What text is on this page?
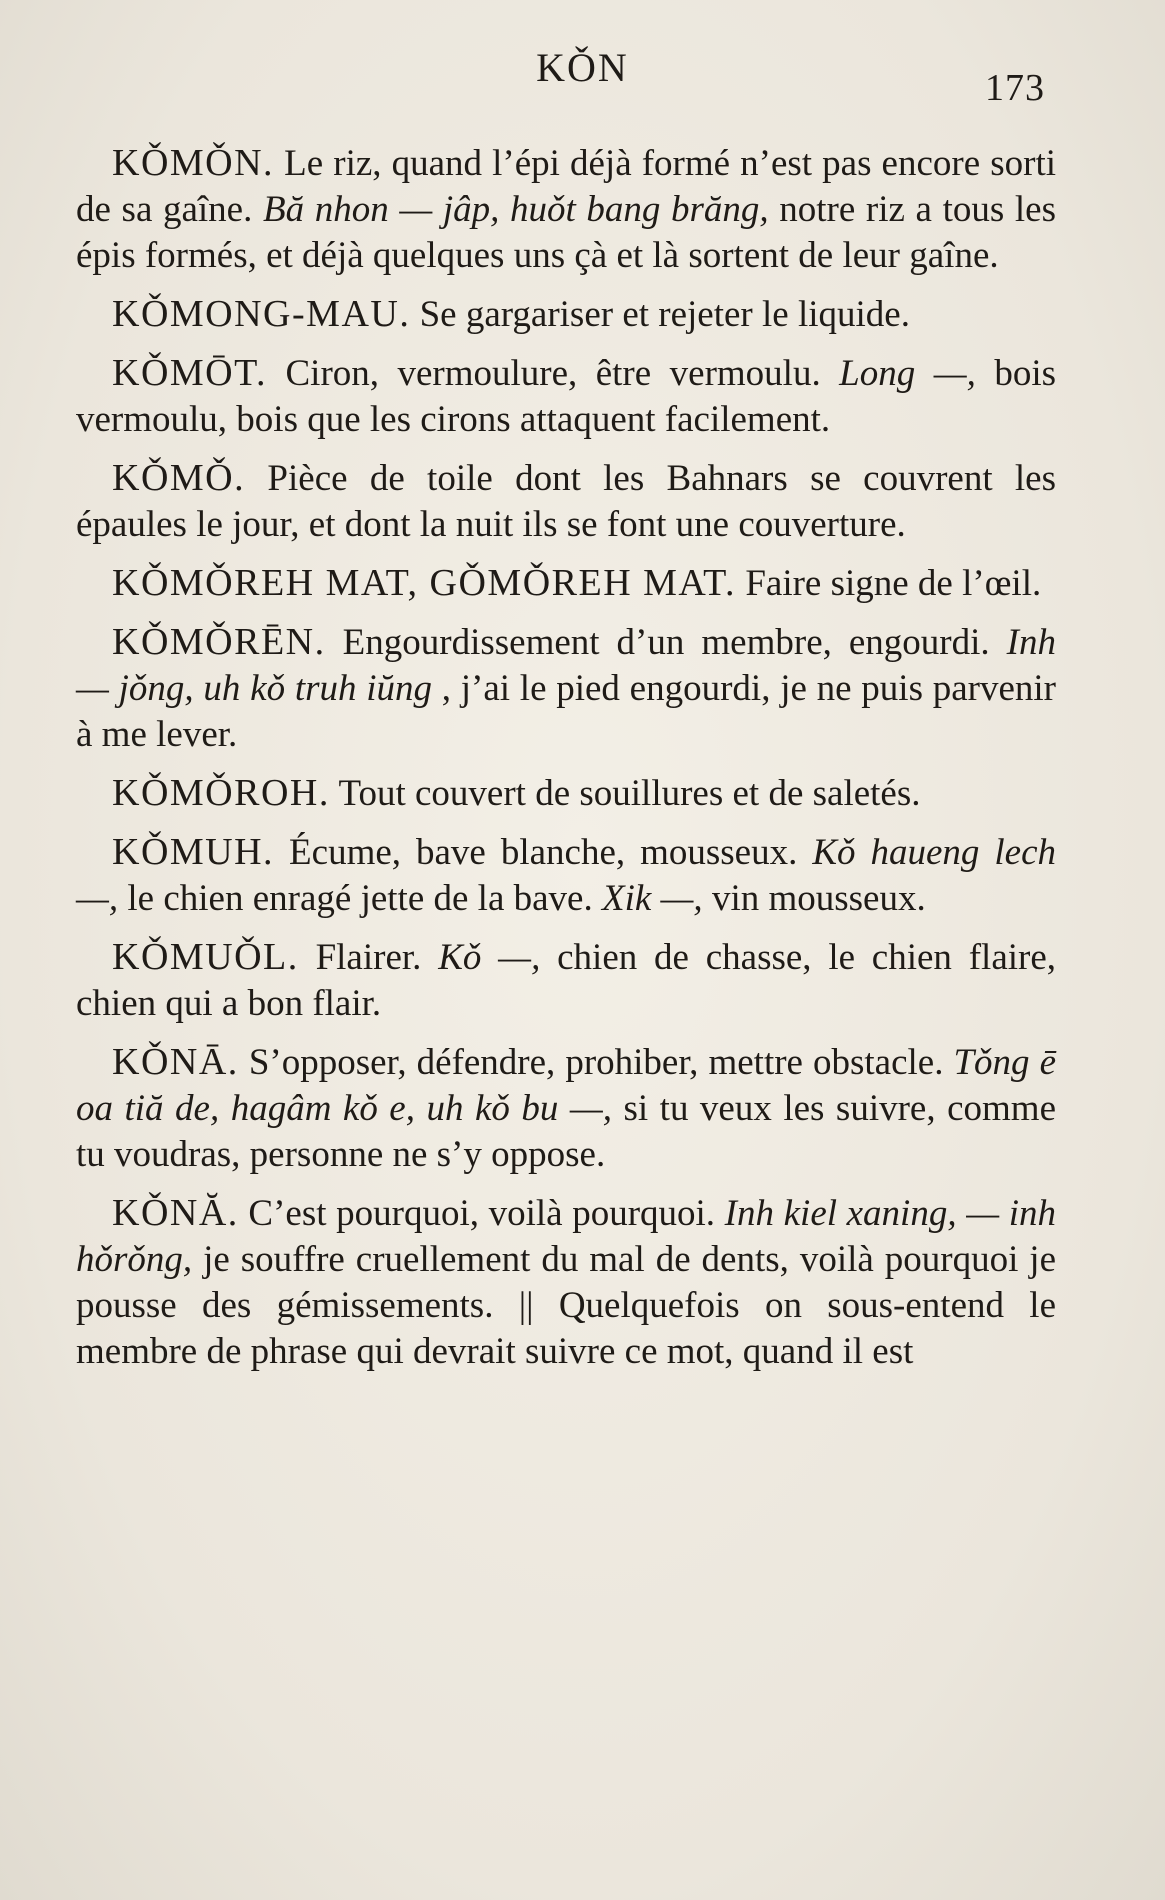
KǑN	173

KǑMǑN. Le riz, quand l’épi déjà formé n’est pas encore sorti de sa gaîne. Bă nhon — jâp, huǒt bang brăng, notre riz a tous les épis formés, et déjà quelques uns çà et là sortent de leur gaîne.

KǑMONG-MAU. Se gargariser et rejeter le liquide.

KǑMŌT. Ciron, vermoulure, être vermoulu. Long —, bois vermoulu, bois que les cirons attaquent facilement.

KǑMǑ. Pièce de toile dont les Bahnars se couvrent les épaules le jour, et dont la nuit ils se font une couverture.

KǑMǑREH MAT, GǑMǑREH MAT. Faire signe de l’œil.

KǑMǑRĒN. Engourdissement d’un membre, engourdi. Inh — jǒng, uh kǒ truh iŭng , j’ai le pied engourdi, je ne puis parvenir à me lever.

KǑMǑROH. Tout couvert de souillures et de saletés.

KǑMUH. Écume, bave blanche, mousseux. Kǒ haueng lech —, le chien enragé jette de la bave. Xik —, vin mousseux.

KǑMUǑL. Flairer. Kǒ —, chien de chasse, le chien flaire, chien qui a bon flair.

KǑNĀ. S’opposer, défendre, prohiber, mettre obstacle. Tǒng ē oa tiă de, hagâm kǒ e, uh kǒ bu —, si tu veux les suivre, comme tu voudras, personne ne s’y oppose.

KǑNĂ. C’est pourquoi, voilà pourquoi. Inh kiel xaning, — inh hǒrǒng, je souffre cruellement du mal de dents, voilà pourquoi je pousse des gémissements. || Quelquefois on sous-entend le membre de phrase qui devrait suivre ce mot, quand il est
